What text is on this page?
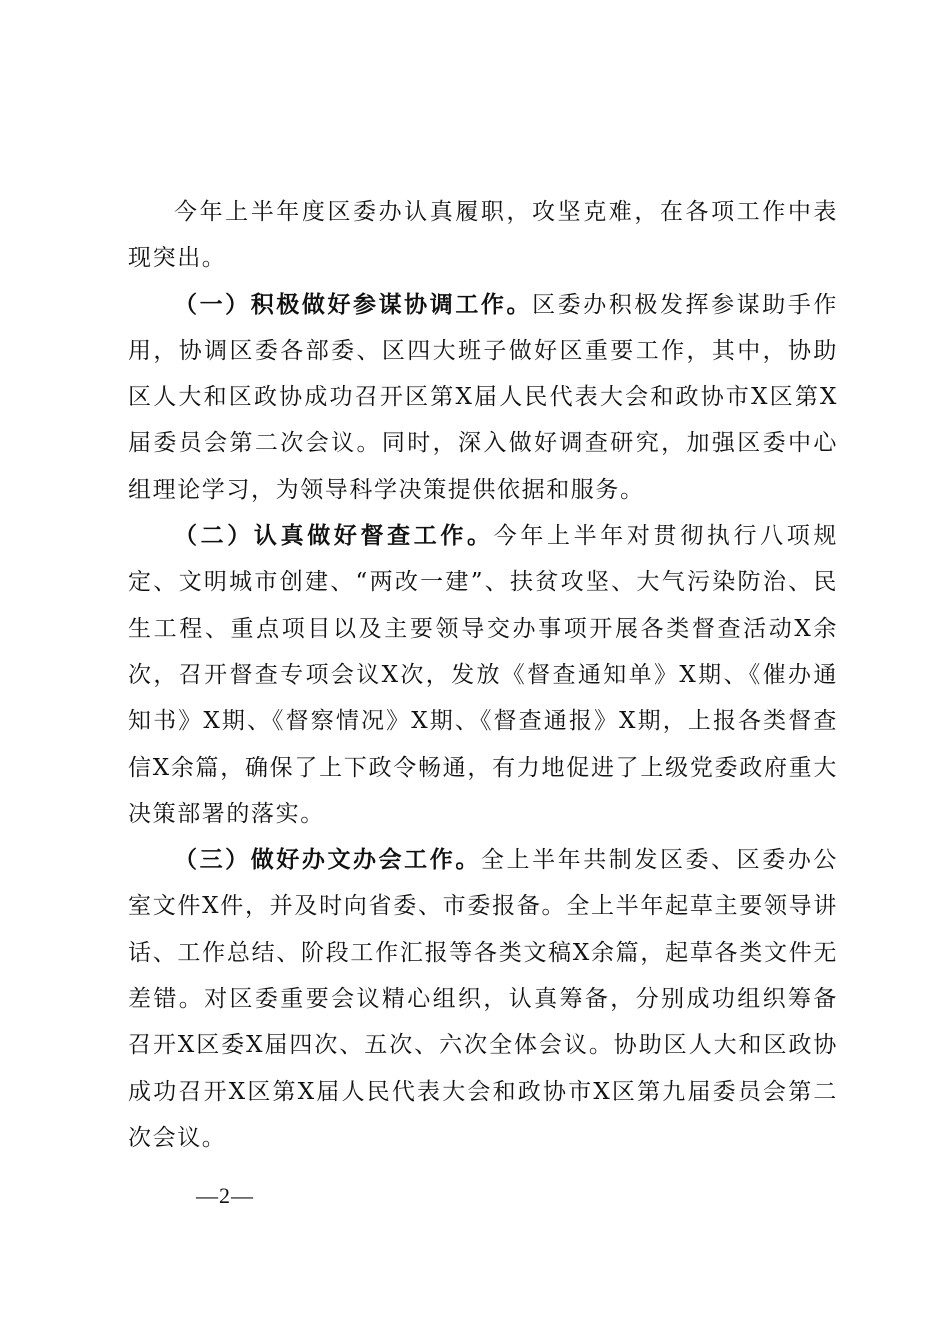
今年上半年度区委办认真履职，攻坚克难，在各项工作中表现突出。

（一）积极做好参谋协调工作。区委办积极发挥参谋助手作用，协调区委各部委、区四大班子做好区重要工作，其中，协助区人大和区政协成功召开区第X届人民代表大会和政协市X区第X届委员会第二次会议。同时，深入做好调查研究，加强区委中心组理论学习，为领导科学决策提供依据和服务。

（二）认真做好督查工作。今年上半年对贯彻执行八项规定、文明城市创建、“两改一建”、扶贫攻坚、大气污染防治、民生工程、重点项目以及主要领导交办事项开展各类督查活动X余次，召开督查专项会议X次，发放《督查通知单》X期、《催办通知书》X期、《督察情况》X期、《督查通报》X期，上报各类督查信X余篇，确保了上下政令畅通，有力地促进了上级党委政府重大决策部署的落实。

（三）做好办文办会工作。全上半年共制发区委、区委办公室文件X件，并及时向省委、市委报备。全上半年起草主要领导讲话、工作总结、阶段工作汇报等各类文稿X余篇，起草各类文件无差错。对区委重要会议精心组织，认真筹备，分别成功组织筹备召开X区委X届四次、五次、六次全体会议。协助区人大和区政协成功召开X区第X届人民代表大会和政协市X区第九届委员会第二次会议。

—2—
